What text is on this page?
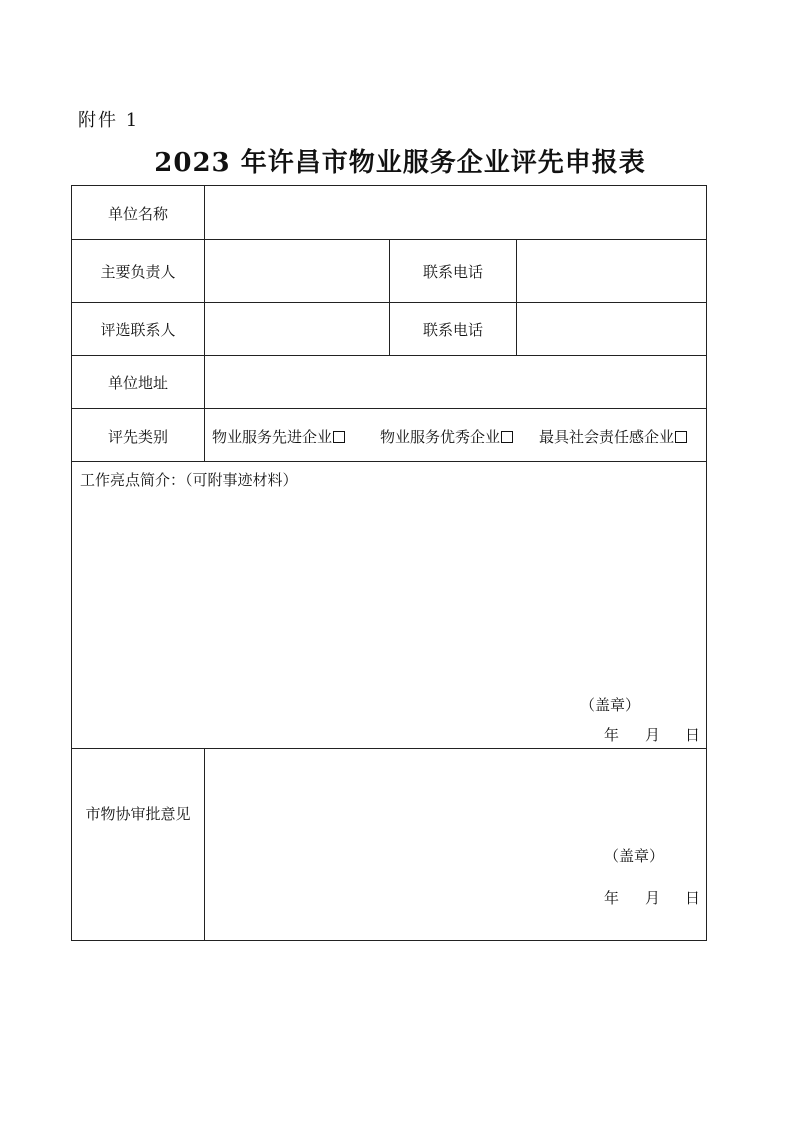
附件 1
2023 年许昌市物业服务企业评先申报表
单位名称
主要负责人	联系电话
评选联系人	联系电话
单位地址
评先类别	物业服务先进企业	物业服务优秀企业	最具社会责任感企业
工作亮点简介：（可附事迹材料）
（盖章）
年 月 日
市物协审批意见
（盖章）
年 月 日
